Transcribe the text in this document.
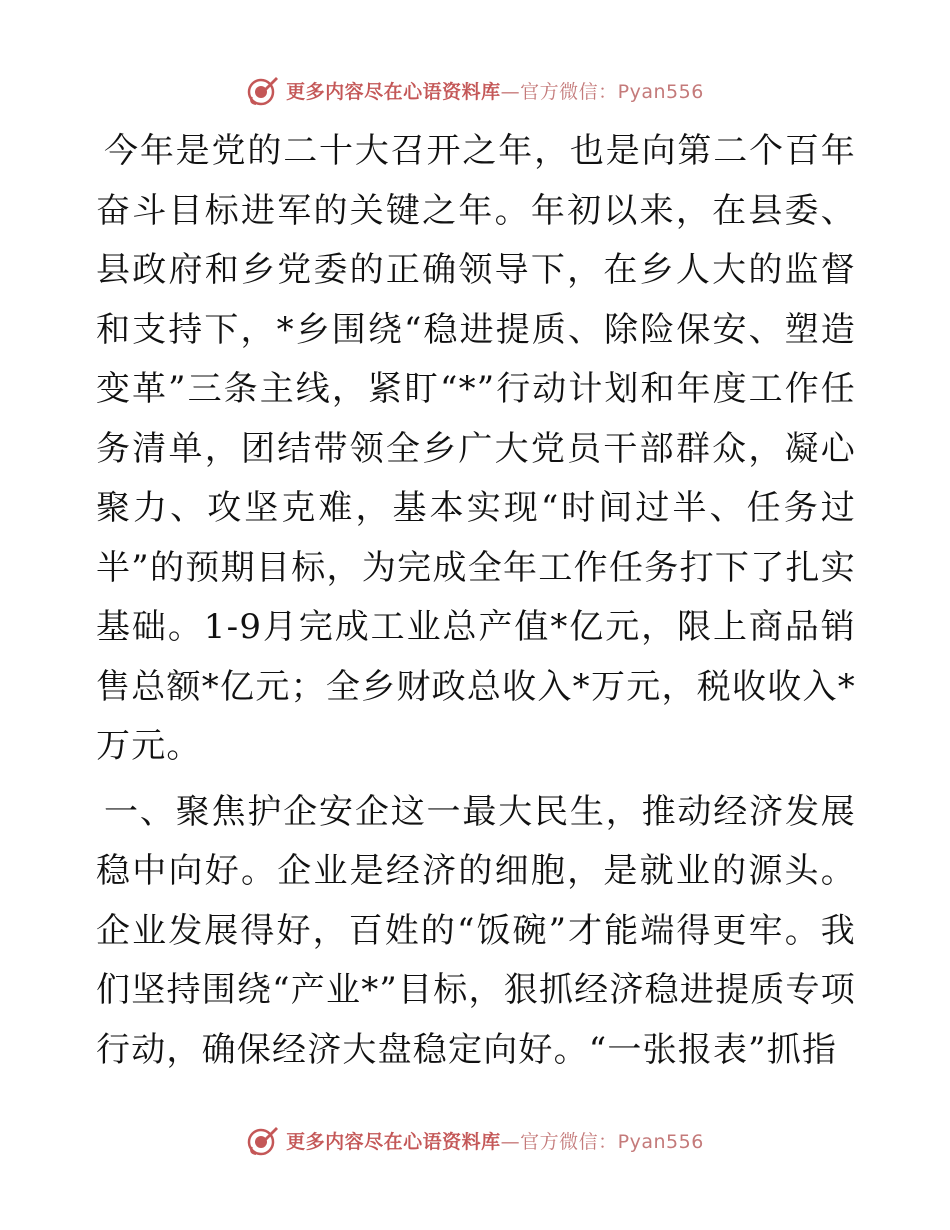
更多内容尽在心语资料库—官方微信：Pyan556

今年是党的二十大召开之年，也是向第二个百年奋斗目标进军的关键之年。年初以来，在县委、县政府和乡党委的正确领导下，在乡人大的监督和支持下，*乡围绕“稳进提质、除险保安、塑造变革”三条主线，紧盯“*”行动计划和年度工作任务清单，团结带领全乡广大党员干部群众，凝心聚力、攻坚克难，基本实现“时间过半、任务过半”的预期目标，为完成全年工作任务打下了扎实基础。1-9月完成工业总产值*亿元，限上商品销售总额*亿元；全乡财政总收入*万元，税收收入*万元。

一、聚焦护企安企这一最大民生，推动经济发展稳中向好。企业是经济的细胞，是就业的源头。企业发展得好，百姓的“饭碗”才能端得更牢。我们坚持围绕“产业*”目标，狠抓经济稳进提质专项行动，确保经济大盘稳定向好。“一张报表”抓指

更多内容尽在心语资料库—官方微信：Pyan556
